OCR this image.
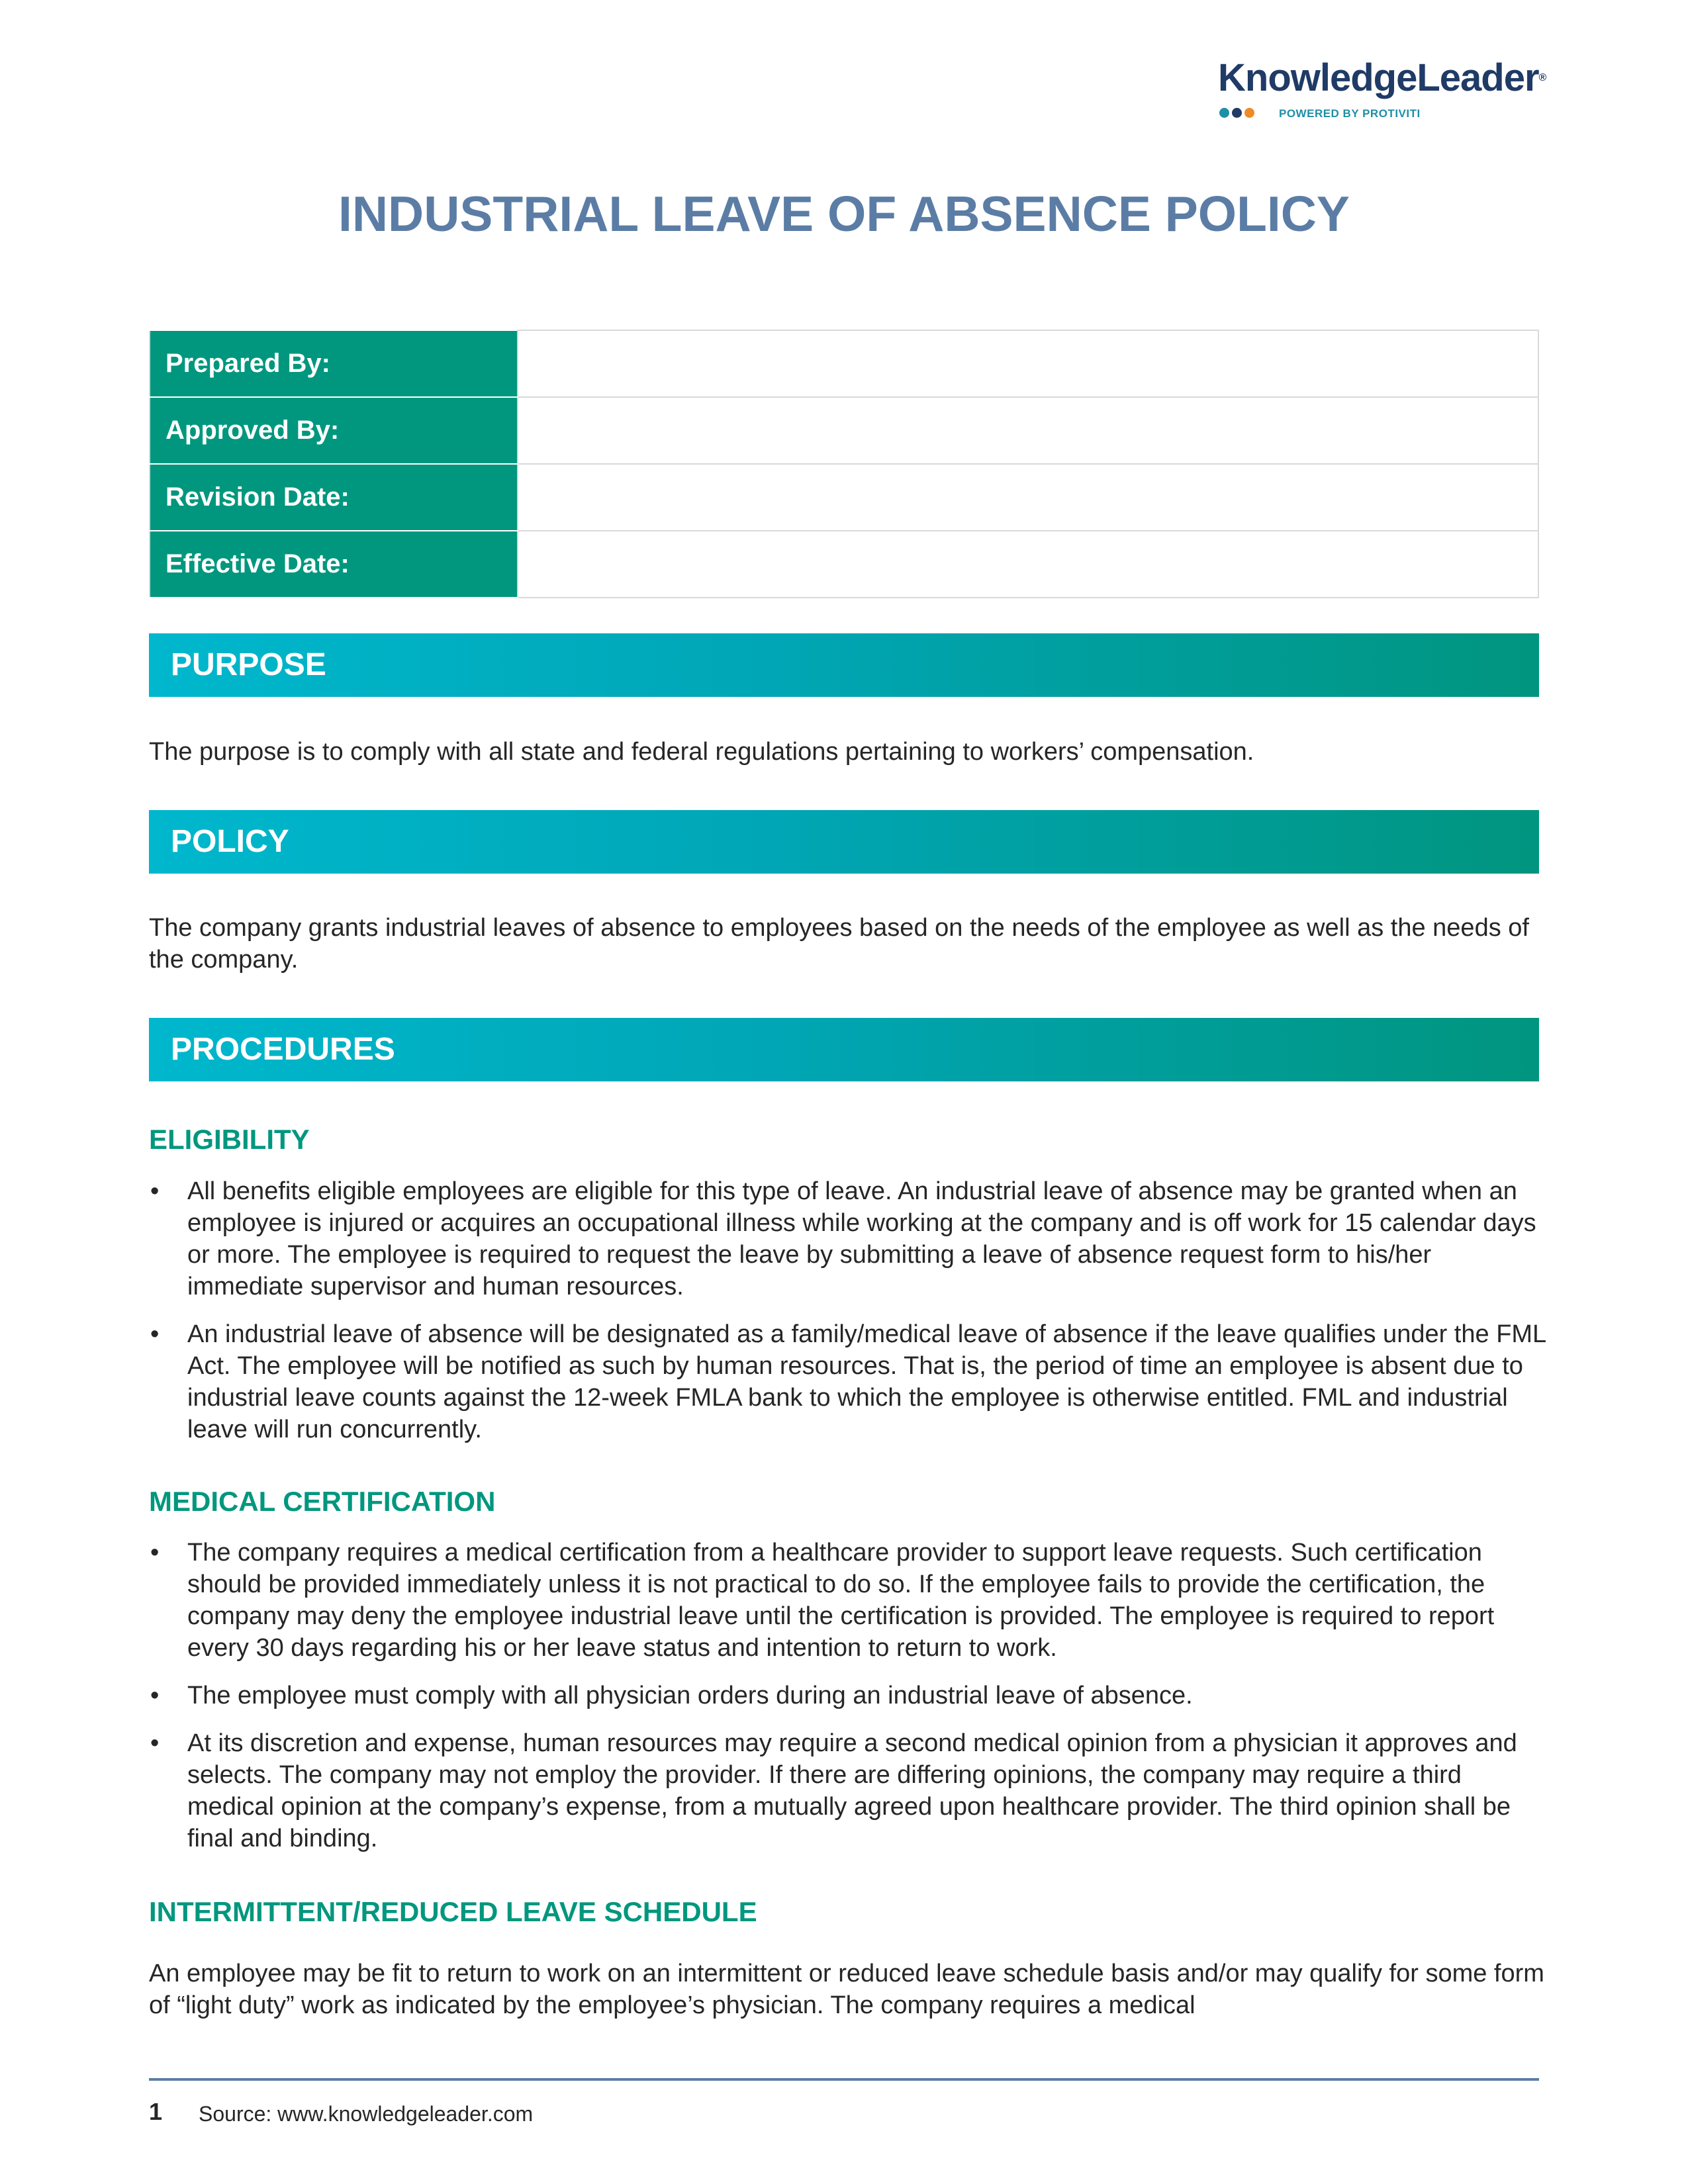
KnowledgeLeader®
POWERED BY PROTIVITI
INDUSTRIAL LEAVE OF ABSENCE POLICY
Prepared By:	
Approved By:	
Revision Date:	
Effective Date:	
PURPOSE
The purpose is to comply with all state and federal regulations pertaining to workers’ compensation.
POLICY
The company grants industrial leaves of absence to employees based on the needs of the employee as well as the needs of the company.
PROCEDURES
ELIGIBILITY
• All benefits eligible employees are eligible for this type of leave. An industrial leave of absence may be granted when an employee is injured or acquires an occupational illness while working at the company and is off work for 15 calendar days or more. The employee is required to request the leave by submitting a leave of absence request form to his/her immediate supervisor and human resources.
• An industrial leave of absence will be designated as a family/medical leave of absence if the leave qualifies under the FML Act. The employee will be notified as such by human resources. That is, the period of time an employee is absent due to industrial leave counts against the 12-week FMLA bank to which the employee is otherwise entitled. FML and industrial leave will run concurrently.
MEDICAL CERTIFICATION
• The company requires a medical certification from a healthcare provider to support leave requests. Such certification should be provided immediately unless it is not practical to do so. If the employee fails to provide the certification, the company may deny the employee industrial leave until the certification is provided. The employee is required to report every 30 days regarding his or her leave status and intention to return to work.
• The employee must comply with all physician orders during an industrial leave of absence.
• At its discretion and expense, human resources may require a second medical opinion from a physician it approves and selects. The company may not employ the provider. If there are differing opinions, the company may require a third medical opinion at the company’s expense, from a mutually agreed upon healthcare provider. The third opinion shall be final and binding.
INTERMITTENT/REDUCED LEAVE SCHEDULE
An employee may be fit to return to work on an intermittent or reduced leave schedule basis and/or may qualify for some form of “light duty” work as indicated by the employee’s physician. The company requires a medical
1 Source: www.knowledgeleader.com
